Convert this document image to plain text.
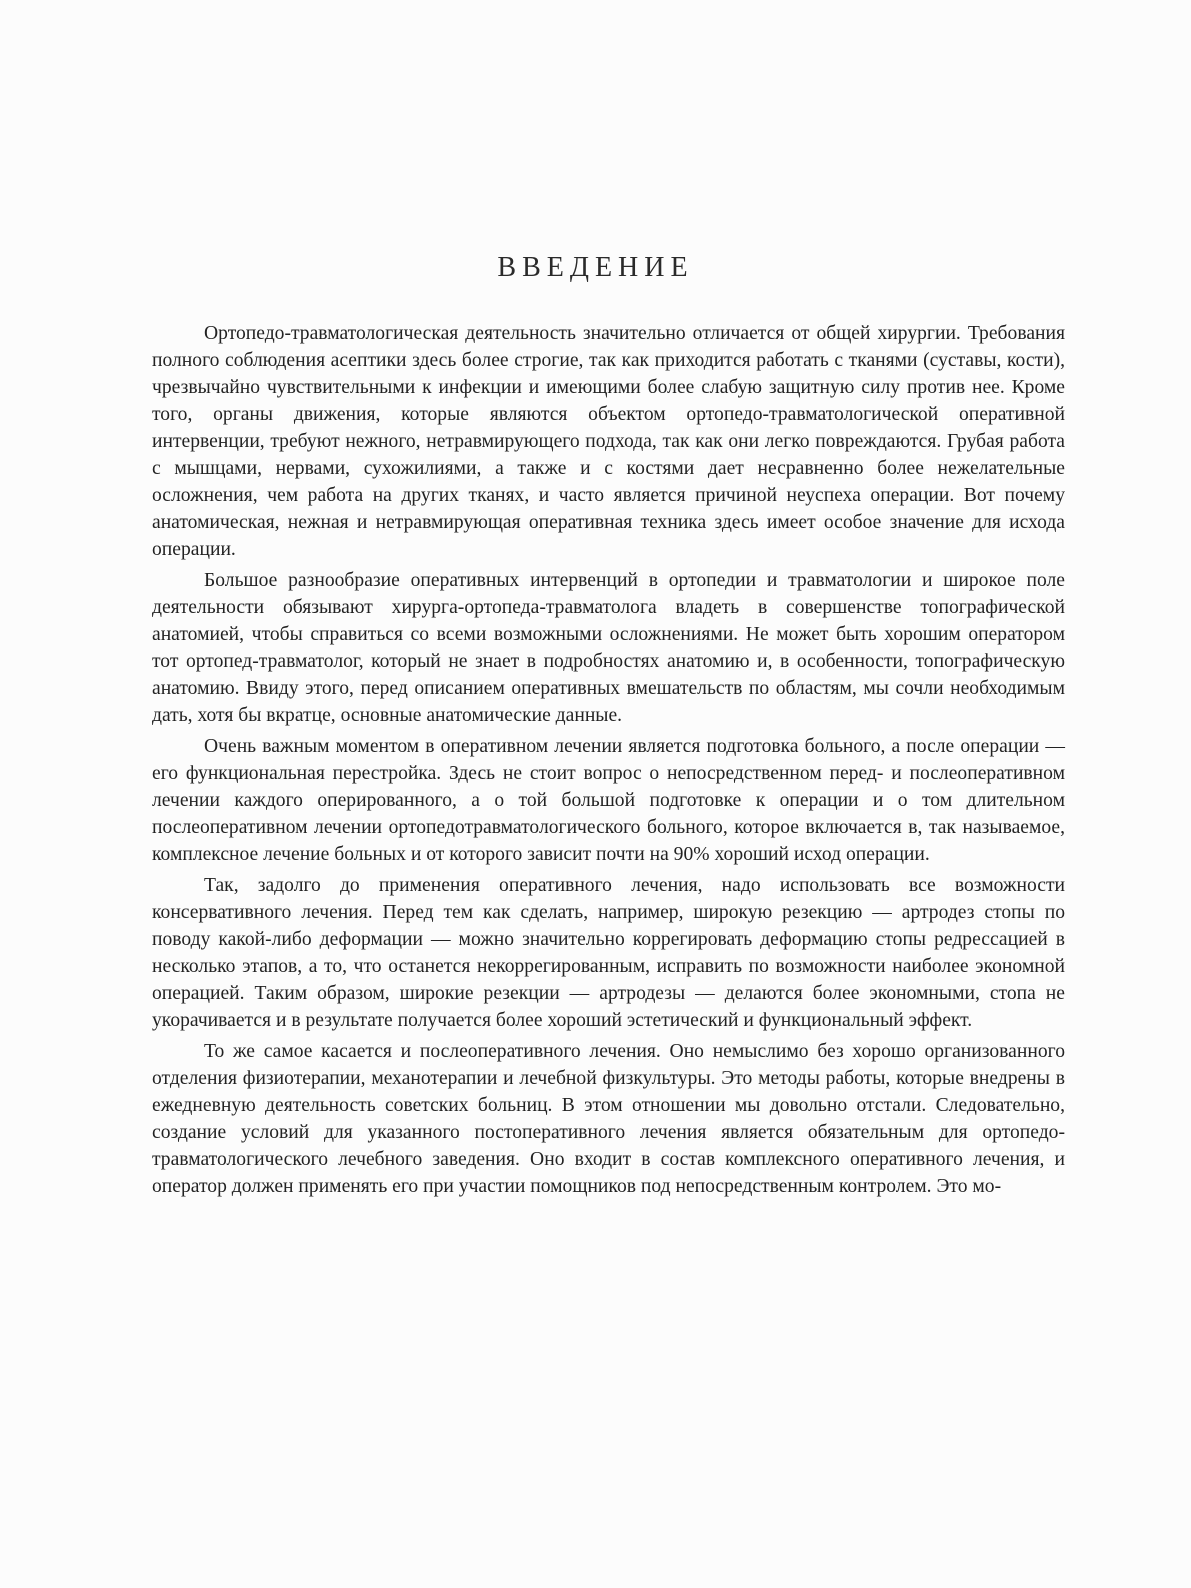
ВВЕДЕНИЕ

Ортопедо-травматологическая деятельность значительно отличается от общей хирургии. Требования полного соблюдения асептики здесь более строгие, так как приходится работать с тканями (суставы, кости), чрезвычайно чувствительными к инфекции и имеющими более слабую защитную силу против нее. Кроме того, органы движения, которые являются объектом ортопедо-травматологической оперативной интервенции, требуют нежного, нетравмирующего подхода, так как они легко повреждаются. Грубая работа с мышцами, нервами, сухожилиями, а также и с костями дает несравненно более нежелательные осложнения, чем работа на других тканях, и часто является причиной неуспеха операции. Вот почему анатомическая, нежная и нетравмирующая оперативная техника здесь имеет особое значение для исхода операции.

Большое разнообразие оперативных интервенций в ортопедии и травматологии и широкое поле деятельности обязывают хирурга-ортопеда-травматолога владеть в совершенстве топографической анатомией, чтобы справиться со всеми возможными осложнениями. Не может быть хорошим оператором тот ортопед-травматолог, который не знает в подробностях анатомию и, в особенности, топографическую анатомию. Ввиду этого, перед описанием оперативных вмешательств по областям, мы сочли необходимым дать, хотя бы вкратце, основные анатомические данные.

Очень важным моментом в оперативном лечении является подготовка больного, а после операции — его функциональная перестройка. Здесь не стоит вопрос о непосредственном перед- и послеоперативном лечении каждого оперированного, а о той большой подготовке к операции и о том длительном послеоперативном лечении ортопедотравматологического больного, которое включается в, так называемое, комплексное лечение больных и от которого зависит почти на 90% хороший исход операции.

Так, задолго до применения оперативного лечения, надо использовать все возможности консервативного лечения. Перед тем как сделать, например, широкую резекцию — артродез стопы по поводу какой-либо деформации — можно значительно коррегировать деформацию стопы редрессацией в несколько этапов, а то, что останется некоррегированным, исправить по возможности наиболее экономной операцией. Таким образом, широкие резекции — артродезы — делаются более экономными, стопа не укорачивается и в результате получается более хороший эстетический и функциональный эффект.

То же самое касается и послеоперативного лечения. Оно немыслимо без хорошо организованного отделения физиотерапии, механотерапии и лечебной физкультуры. Это методы работы, которые внедрены в ежедневную деятельность советских больниц. В этом отношении мы довольно отстали. Следовательно, создание условий для указанного постоперативного лечения является обязательным для ортопедо-травматологического лечебного заведения. Оно входит в состав комплексного оперативного лечения, и оператор должен применять его при участии помощников под непосредственным контролем. Это мо-
